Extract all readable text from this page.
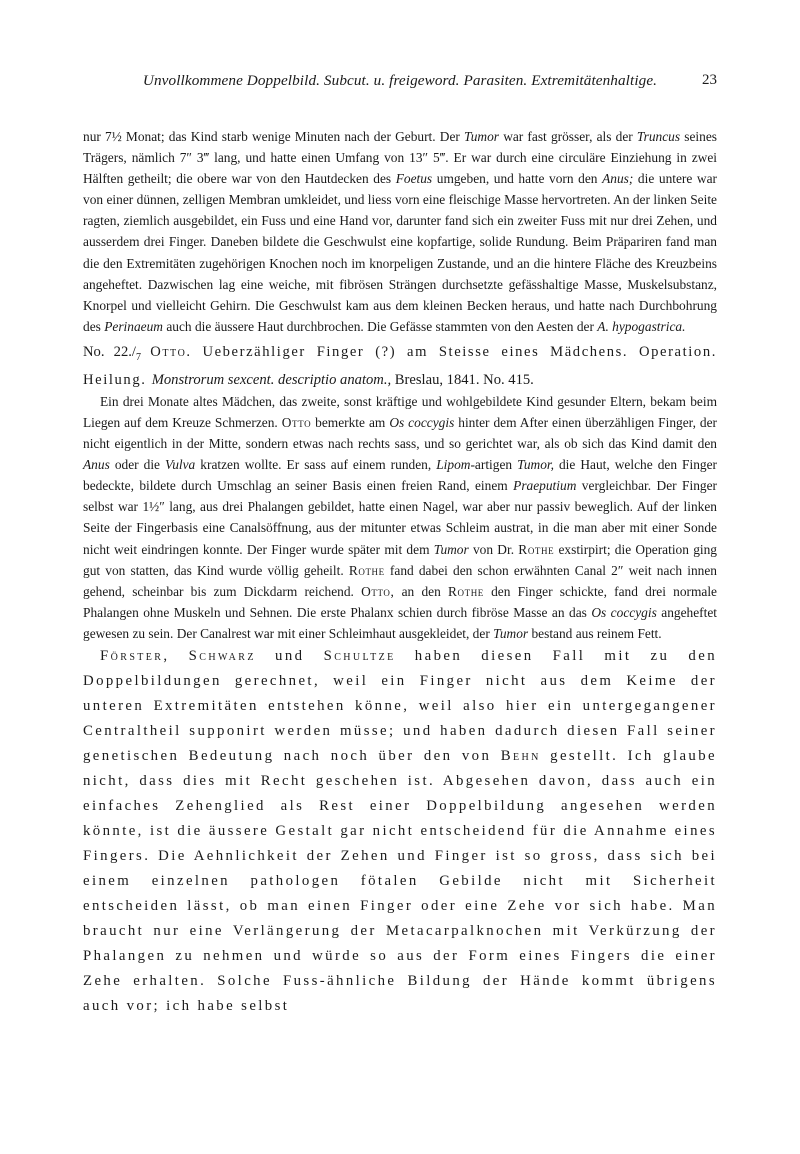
Unvollkommene Doppelbild. Subcut. u. freigeword. Parasiten. Extremitätenhaltige.	23

nur 7½ Monat; das Kind starb wenige Minuten nach der Geburt. Der Tumor war fast grösser, als der Truncus seines Trägers, nämlich 7″ 3‴ lang, und hatte einen Umfang von 13″ 5‴. Er war durch eine circuläre Einziehung in zwei Hälften getheilt; die obere war von den Hautdecken des Foetus umgeben, und hatte vorn den Anus; die untere war von einer dünnen, zelligen Membran umkleidet, und liess vorn eine fleischige Masse hervortreten. An der linken Seite ragten, ziemlich ausgebildet, ein Fuss und eine Hand vor, darunter fand sich ein zweiter Fuss mit nur drei Zehen, und ausserdem drei Finger. Daneben bildete die Geschwulst eine kopfartige, solide Rundung. Beim Präpariren fand man die den Extremitäten zugehörigen Knochen noch im knorpeligen Zustande, und an die hintere Fläche des Kreuzbeins angeheftet. Dazwischen lag eine weiche, mit fibrösen Strängen durchsetzte gefässhaltige Masse, Muskelsubstanz, Knorpel und vielleicht Gehirn. Die Geschwulst kam aus dem kleinen Becken heraus, und hatte nach Durchbohrung des Perinaeum auch die äussere Haut durchbrochen. Die Gefässe stammten von den Aesten der A. hypogastrica.

No. $22./_7$ Otto. Ueberzähliger Finger (?) am Steisse eines Mädchens. Operation. Heilung. Monstrorum sexcent. descriptio anatom., Breslau, 1841. No. 415.

Ein drei Monate altes Mädchen, das zweite, sonst kräftige und wohlgebildete Kind gesunder Eltern, bekam beim Liegen auf dem Kreuze Schmerzen. Otto bemerkte am Os coccygis hinter dem After einen überzähligen Finger, der nicht eigentlich in der Mitte, sondern etwas nach rechts sass, und so gerichtet war, als ob sich das Kind damit den Anus oder die Vulva kratzen wollte. Er sass auf einem runden, Lipom-artigen Tumor, die Haut, welche den Finger bedeckte, bildete durch Umschlag an seiner Basis einen freien Rand, einem Praeputium vergleichbar. Der Finger selbst war 1½″ lang, aus drei Phalangen gebildet, hatte einen Nagel, war aber nur passiv beweglich. Auf der linken Seite der Fingerbasis eine Canalsöffnung, aus der mitunter etwas Schleim austrat, in die man aber mit einer Sonde nicht weit eindringen konnte. Der Finger wurde später mit dem Tumor von Dr. Rothe exstirpirt; die Operation ging gut von statten, das Kind wurde völlig geheilt. Rothe fand dabei den schon erwähnten Canal 2″ weit nach innen gehend, scheinbar bis zum Dickdarm reichend. Otto, an den Rothe den Finger schickte, fand drei normale Phalangen ohne Muskeln und Sehnen. Die erste Phalanx schien durch fibröse Masse an das Os coccygis angeheftet gewesen zu sein. Der Canalrest war mit einer Schleimhaut ausgekleidet, der Tumor bestand aus reinem Fett.

Förster, Schwarz und Schultze haben diesen Fall mit zu den Doppelbildungen gerechnet, weil ein Finger nicht aus dem Keime der unteren Extremitäten entstehen könne, weil also hier ein untergegangener Centraltheil supponirt werden müsse; und haben dadurch diesen Fall seiner genetischen Bedeutung nach noch über den von Behn gestellt. Ich glaube nicht, dass dies mit Recht geschehen ist. Abgesehen davon, dass auch ein einfaches Zehenglied als Rest einer Doppelbildung angesehen werden könnte, ist die äussere Gestalt gar nicht entscheidend für die Annahme eines Fingers. Die Aehnlichkeit der Zehen und Finger ist so gross, dass sich bei einem einzelnen pathologen fötalen Gebilde nicht mit Sicherheit entscheiden lässt, ob man einen Finger oder eine Zehe vor sich habe. Man braucht nur eine Verlängerung der Metacarpalknochen mit Verkürzung der Phalangen zu nehmen und würde so aus der Form eines Fingers die einer Zehe erhalten. Solche Fuss-ähnliche Bildung der Hände kommt übrigens auch vor; ich habe selbst
